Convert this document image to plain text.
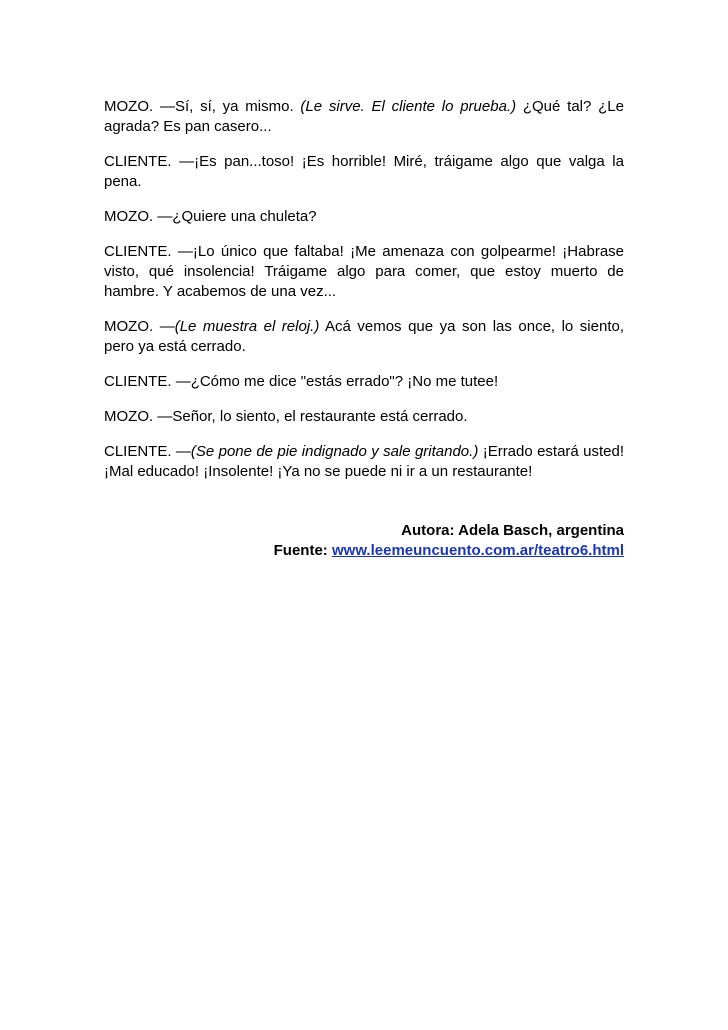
MOZO. —Sí, sí, ya mismo. (Le sirve. El cliente lo prueba.) ¿Qué tal? ¿Le agrada? Es pan casero...

CLIENTE. —¡Es pan...toso! ¡Es horrible! Miré, tráigame algo que valga la pena.

MOZO. —¿Quiere una chuleta?

CLIENTE. —¡Lo único que faltaba! ¡Me amenaza con golpearme! ¡Habrase visto, qué insolencia! Tráigame algo para comer, que estoy muerto de hambre. Y acabemos de una vez...

MOZO. —(Le muestra el reloj.) Acá vemos que ya son las once, lo siento, pero ya está cerrado.

CLIENTE. —¿Cómo me dice "estás errado"? ¡No me tutee!

MOZO. —Señor, lo siento, el restaurante está cerrado.

CLIENTE. —(Se pone de pie indignado y sale gritando.) ¡Errado estará usted! ¡Mal educado! ¡Insolente! ¡Ya no se puede ni ir a un restaurante!

Autora: Adela Basch, argentina
Fuente: www.leemeuncuento.com.ar/teatro6.html
